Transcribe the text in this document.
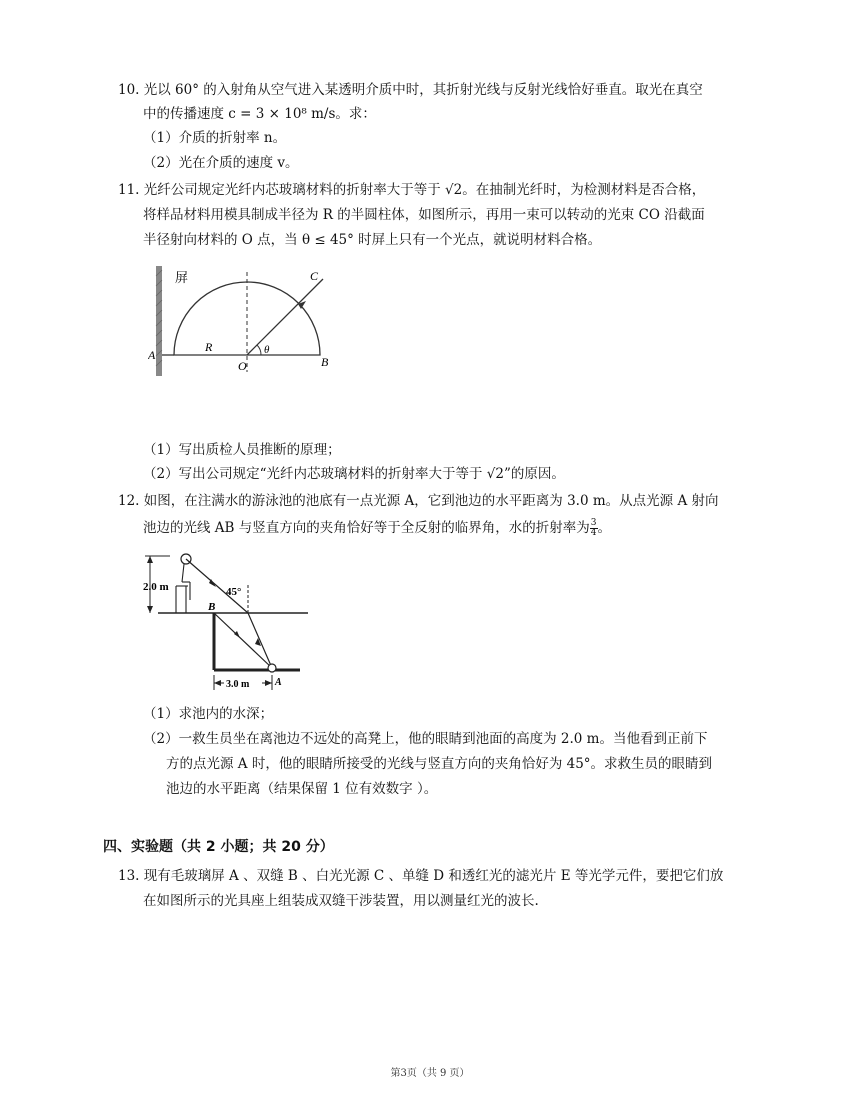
10. 光以 60° 的入射角从空气进入某透明介质中时，其折射光线与反射光线恰好垂直。取光在真空
中的传播速度 c = 3 × 10⁸ m/s。求：
（1）介质的折射率 n。
（2）光在介质的速度 v。
11. 光纤公司规定光纤内芯玻璃材料的折射率大于等于 √2。在抽制光纤时，为检测材料是否合格，
将样品材料用模具制成半径为 R 的半圆柱体，如图所示，再用一束可以转动的光束 CO 沿截面
半径射向材料的 O 点，当 θ ≤ 45° 时屏上只有一个光点，就说明材料合格。
屏
A	B
C
O
R	θ
（1）写出质检人员推断的原理；
（2）写出公司规定“光纤内芯玻璃材料的折射率大于等于 √2”的原因。
12. 如图，在注满水的游泳池的池底有一点光源 A，它到池边的水平距离为 3.0 m。从点光源 A 射向
池边的光线 AB 与竖直方向的夹角恰好等于全反射的临界角，水的折射率为 $\frac{3}{4}$ 。
2.0 m	45°
B
A
3.0 m
（1）求池内的水深；
（2）一救生员坐在离池边不远处的高凳上，他的眼睛到池面的高度为 2.0 m。当他看到正前下
方的点光源 A 时，他的眼睛所接受的光线与竖直方向的夹角恰好为 45°。求救生员的眼睛到
池边的水平距离（结果保留 1 位有效数字 ）。
四、实验题（共 2 小题；共 20 分）
13. 现有毛玻璃屏 A 、双缝 B 、白光光源 C 、单缝 D 和透红光的滤光片 E 等光学元件，要把它们放
在如图所示的光具座上组装成双缝干涉装置，用以测量红光的波长.
第3页（共 9 页）
